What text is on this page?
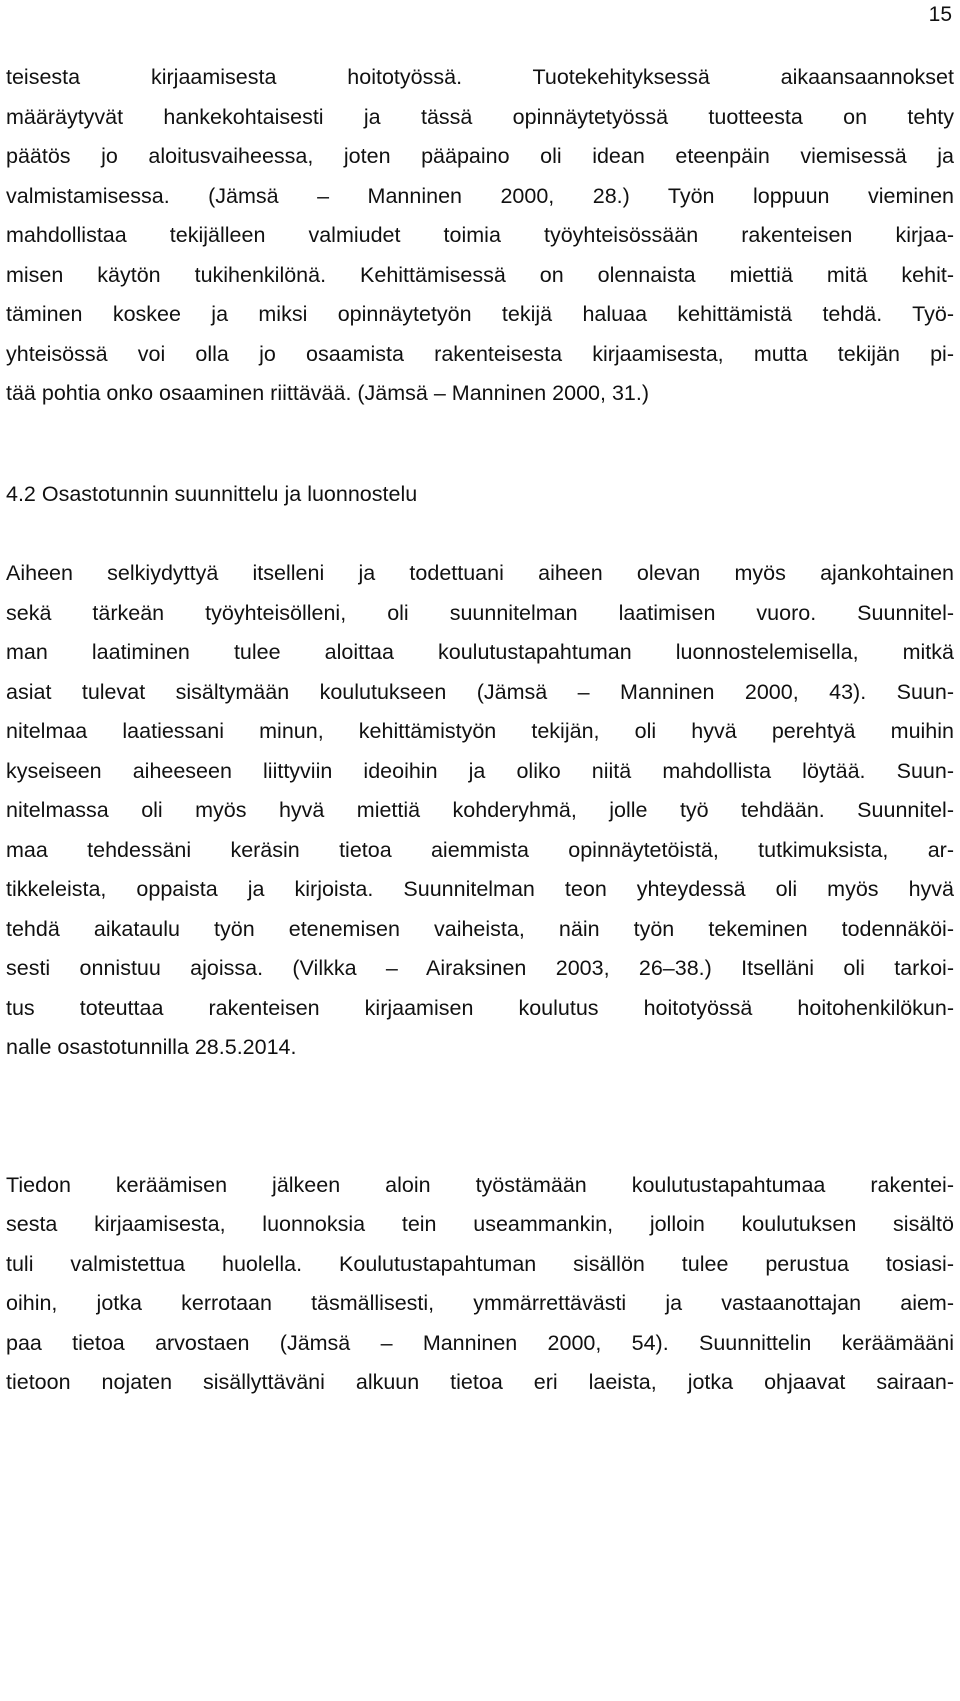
15

teisesta kirjaamisesta hoitotyössä. Tuotekehityksessä aikaansaannokset
määräytyvät hankekohtaisesti ja tässä opinnäytetyössä tuotteesta on tehty
päätös jo aloitusvaiheessa, joten pääpaino oli idean eteenpäin viemisessä ja
valmistamisessa. (Jämsä – Manninen 2000, 28.) Työn loppuun vieminen
mahdollistaa tekijälleen valmiudet toimia työyhteisössään rakenteisen kirjaa-
misen käytön tukihenkilönä. Kehittämisessä on olennaista miettiä mitä kehit-
täminen koskee ja miksi opinnäytetyön tekijä haluaa kehittämistä tehdä. Työ-
yhteisössä voi olla jo osaamista rakenteisesta kirjaamisesta, mutta tekijän pi-
tää pohtia onko osaaminen riittävää. (Jämsä – Manninen 2000, 31.)

4.2 Osastotunnin suunnittelu ja luonnostelu

Aiheen selkiydyttyä itselleni ja todettuani aiheen olevan myös ajankohtainen
sekä tärkeän työyhteisölleni, oli suunnitelman laatimisen vuoro. Suunnitel-
man laatiminen tulee aloittaa koulutustapahtuman luonnostelemisella, mitkä
asiat tulevat sisältymään koulutukseen (Jämsä – Manninen 2000, 43). Suun-
nitelmaa laatiessani minun, kehittämistyön tekijän, oli hyvä perehtyä muihin
kyseiseen aiheeseen liittyviin ideoihin ja oliko niitä mahdollista löytää. Suun-
nitelmassa oli myös hyvä miettiä kohderyhmä, jolle työ tehdään. Suunnitel-
maa tehdessäni keräsin tietoa aiemmista opinnäytetöistä, tutkimuksista, ar-
tikkeleista, oppaista ja kirjoista. Suunnitelman teon yhteydessä oli myös hyvä
tehdä aikataulu työn etenemisen vaiheista, näin työn tekeminen todennäköi-
sesti onnistuu ajoissa. (Vilkka – Airaksinen 2003, 26–38.) Itselläni oli tarkoi-
tus toteuttaa rakenteisen kirjaamisen koulutus hoitotyössä hoitohenkilökun-
nalle osastotunnilla 28.5.2014.

Tiedon keräämisen jälkeen aloin työstämään koulutustapahtumaa rakentei-
sesta kirjaamisesta, luonnoksia tein useammankin, jolloin koulutuksen sisältö
tuli valmistettua huolella. Koulutustapahtuman sisällön tulee perustua tosiasi-
oihin, jotka kerrotaan täsmällisesti, ymmärrettävästi ja vastaanottajan aiem-
paa tietoa arvostaen (Jämsä – Manninen 2000, 54). Suunnittelin keräämääni
tietoon nojaten sisällyttäväni alkuun tietoa eri laeista, jotka ohjaavat sairaan-
